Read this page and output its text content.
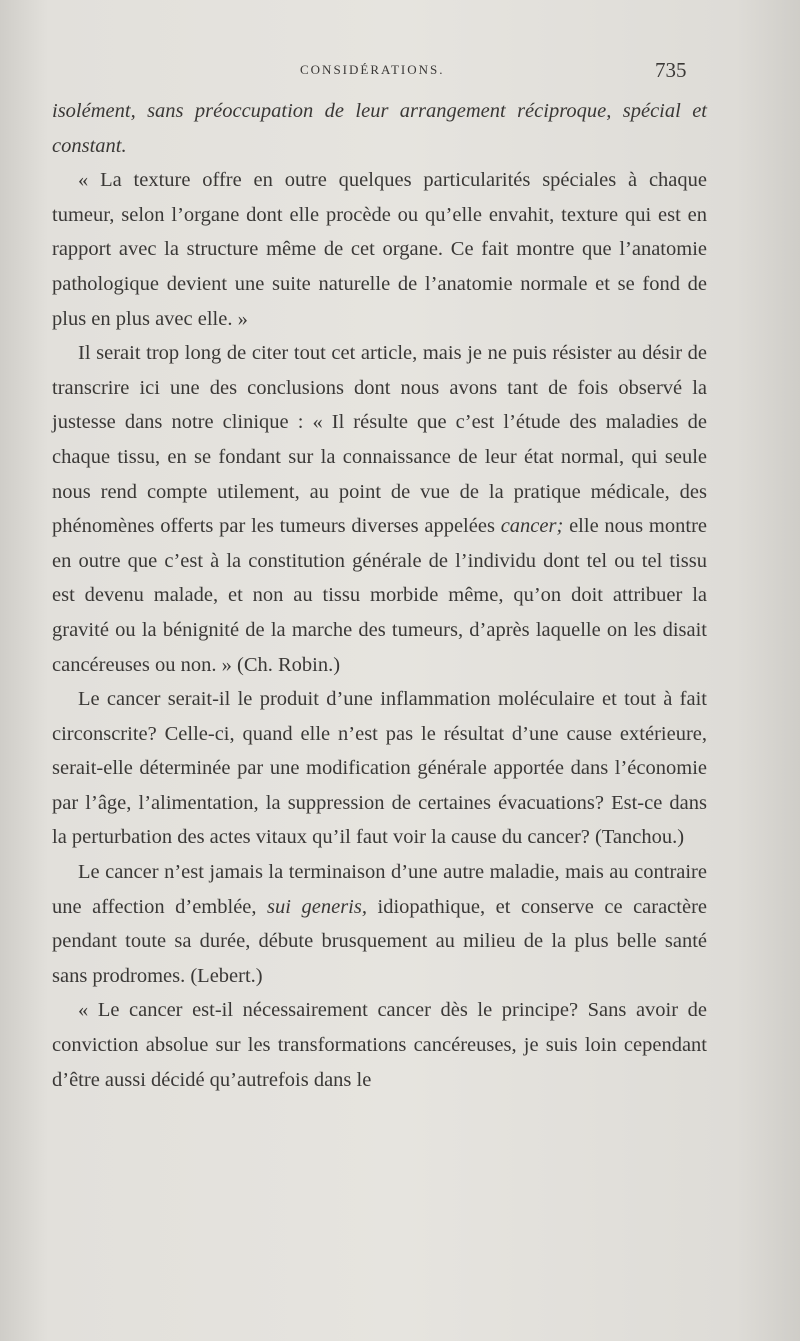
CONSIDÉRATIONS.	735

isolément, sans préoccupation de leur arrangement réciproque, spécial et constant.

« La texture offre en outre quelques particularités spéciales à chaque tumeur, selon l’organe dont elle procède ou qu’elle envahit, texture qui est en rapport avec la structure même de cet organe. Ce fait montre que l’anatomie pathologique devient une suite naturelle de l’anatomie normale et se fond de plus en plus avec elle. »

Il serait trop long de citer tout cet article, mais je ne puis résister au désir de transcrire ici une des conclusions dont nous avons tant de fois observé la justesse dans notre clinique : « Il résulte que c’est l’étude des maladies de chaque tissu, en se fondant sur la connaissance de leur état normal, qui seule nous rend compte utilement, au point de vue de la pratique médicale, des phénomènes offerts par les tumeurs diverses appelées cancer; elle nous montre en outre que c’est à la constitution générale de l’individu dont tel ou tel tissu est devenu malade, et non au tissu morbide même, qu’on doit attribuer la gravité ou la bénignité de la marche des tumeurs, d’après laquelle on les disait cancéreuses ou non. » (Ch. Robin.)

Le cancer serait-il le produit d’une inflammation moléculaire et tout à fait circonscrite? Celle-ci, quand elle n’est pas le résultat d’une cause extérieure, serait-elle déterminée par une modification générale apportée dans l’économie par l’âge, l’alimentation, la suppression de certaines évacuations? Est-ce dans la perturbation des actes vitaux qu’il faut voir la cause du cancer? (Tanchou.)

Le cancer n’est jamais la terminaison d’une autre maladie, mais au contraire une affection d’emblée, sui generis, idiopathique, et conserve ce caractère pendant toute sa durée, débute brusquement au milieu de la plus belle santé sans prodromes. (Lebert.)

« Le cancer est-il nécessairement cancer dès le principe? Sans avoir de conviction absolue sur les transformations cancéreuses, je suis loin cependant d’être aussi décidé qu’autrefois dans le
